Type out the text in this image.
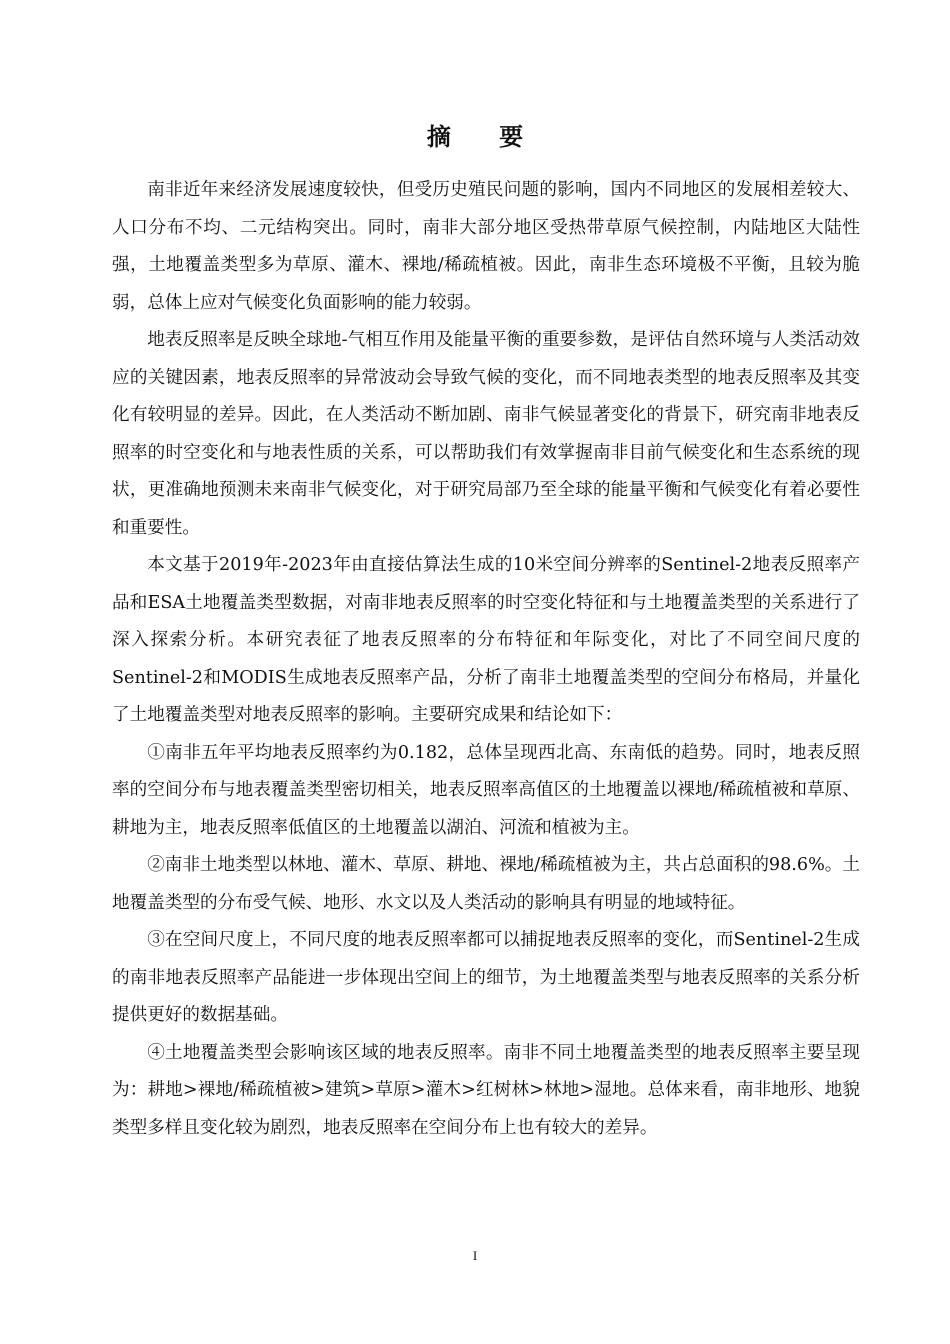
摘 要

南非近年来经济发展速度较快，但受历史殖民问题的影响，国内不同地区的发展相差较大、人口分布不均、二元结构突出。同时，南非大部分地区受热带草原气候控制，内陆地区大陆性强，土地覆盖类型多为草原、灌木、裸地/稀疏植被。因此，南非生态环境极不平衡，且较为脆弱，总体上应对气候变化负面影响的能力较弱。

地表反照率是反映全球地-气相互作用及能量平衡的重要参数，是评估自然环境与人类活动效应的关键因素，地表反照率的异常波动会导致气候的变化，而不同地表类型的地表反照率及其变化有较明显的差异。因此，在人类活动不断加剧、南非气候显著变化的背景下，研究南非地表反照率的时空变化和与地表性质的关系，可以帮助我们有效掌握南非目前气候变化和生态系统的现状，更准确地预测未来南非气候变化，对于研究局部乃至全球的能量平衡和气候变化有着必要性和重要性。

本文基于2019年-2023年由直接估算法生成的10米空间分辨率的Sentinel-2地表反照率产品和ESA土地覆盖类型数据，对南非地表反照率的时空变化特征和与土地覆盖类型的关系进行了深入探索分析。本研究表征了地表反照率的分布特征和年际变化，对比了不同空间尺度的Sentinel-2和MODIS生成地表反照率产品，分析了南非土地覆盖类型的空间分布格局，并量化了土地覆盖类型对地表反照率的影响。主要研究成果和结论如下：

①南非五年平均地表反照率约为0.182，总体呈现西北高、东南低的趋势。同时，地表反照率的空间分布与地表覆盖类型密切相关，地表反照率高值区的土地覆盖以裸地/稀疏植被和草原、耕地为主，地表反照率低值区的土地覆盖以湖泊、河流和植被为主。

②南非土地类型以林地、灌木、草原、耕地、裸地/稀疏植被为主，共占总面积的98.6%。土地覆盖类型的分布受气候、地形、水文以及人类活动的影响具有明显的地域特征。

③在空间尺度上，不同尺度的地表反照率都可以捕捉地表反照率的变化，而Sentinel-2生成的南非地表反照率产品能进一步体现出空间上的细节，为土地覆盖类型与地表反照率的关系分析提供更好的数据基础。

④土地覆盖类型会影响该区域的地表反照率。南非不同土地覆盖类型的地表反照率主要呈现为：耕地>裸地/稀疏植被>建筑>草原>灌木>红树林>林地>湿地。总体来看，南非地形、地貌类型多样且变化较为剧烈，地表反照率在空间分布上也有较大的差异。

I
